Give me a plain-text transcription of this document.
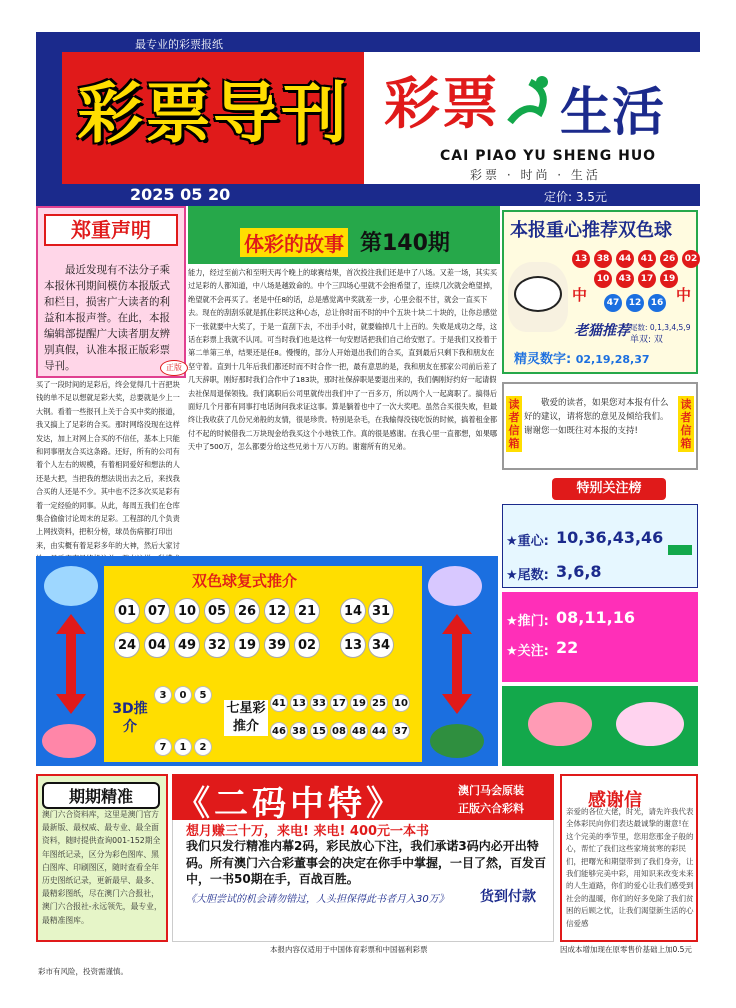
最专业的彩票报纸
彩票导刊 彩票 生活
CAI PIAO YU SHENG HUO
彩票 · 时尚 · 生活
2025 05 20	定价: 3.5元
郑重声明
最近发现有不法分子乘本报休刊期间模仿本报版式和栏目，损害广大读者的利益和本报声誉。在此，本报编辑部提醒广大读者朋友辨别真假，认准本报正版彩票导刊。	正版
体彩的故事 第140期
能力，经过至前六和至明天再个晚上的球赛结果，首次投注我们还是中了八场。又差一场，其实买过足彩的人都知道，中八场是越致命的。中个三四场心里就不会抱希望了，连续几次就会绝望掉，绝望就不会再买了。老是中任8的话，总是感觉离中奖就差一步，心里会很不甘，就会一直买下去。现在的刮刮乐就是抓住彩民这种心态，总让你时而不时的中个五块十块二十块的，让你总感觉下一张就要中大奖了，于是一直刮下去，不出手小时，就要输掉几十上百的。失败是成功之母，这话在彩票上我就不认同。可当时我们也是这样一句安慰话把我们自己给安慰了。于是我们又投着于第二单第三单，结果还是任8。慢慢的，部分人开始退出我们的合买，直到最后只剩下我和朋友在坚守着。直到十几年后我们都还时而不时合作一把，最有意思的是，我和朋友在那家公司前后差了几天辞职，刚好那时我们合作中了183块，那时社保辞职是要退出来的，我们俩刚好约好一起请假去社保局退保领钱。我们离职后公司里就传出我们中了一百多万，所以两个人一起离职了。搞得后面好几个月都有同事打电话询问我求证这事。算是躺着也中了一次大奖吧。虽然合买很失败，但最终让我收获了几份兄弟般的友情，很是珍贵。特别是杂毛，在我输得没钱吃饭的时候，搞着租金都付不起的时候借我二万块现金给我买这个小地铁工作。真的很是感谢。在我心里一直都想，如果哪天中了500万，怎么都要分给这些兄弟十万八万的。谢谢所有的兄弟。
买了一段时间的足彩后，终会觉得几十百把块钱的单不足以想就足彩大奖，总要就是少上一大钢。看着一些报刊上关于合买中奖的报道，我又搞上了足彩的合买。那时网络没现在这样发达，加上对网上合买的不信任，基本上只能和同事朋友合买这条路。还好，所有的公司有着个人左右的规模，有着相同爱好和想法的人还是大把，当把我的想法说出去之后，来找我合买的人还是不少。其中也不泛多次买足彩有着一定经验的同事。从此，每周五我们在仓库集合偷偷讨论周末的足彩。工程部的几个负责上网找资料，把积分榜，球员伤病都打印出来，由实概有着足彩多年的大神，然后大家讨
本报重心推荐双色球
13	38	44	41	26	02
10	43	17	19
47	12	16
中	中
老猫推荐 尾数: 0,1,3,4,5,9
单双: 双
精灵数字: 02,19,28,37
读者信箱
读者信箱
敬爱的读者，如果您对本报有什么好的建议，请将您的意见及倾给我们。谢谢您一如既往对本报的支持!
特别关注榜
★重心: 10,36,43,46
★尾数: 3,6,8
★推门: 08,11,16
★关注: 22
双色球复式推介
01 07 10 05 26 12 21	14 31
24 04 49 32 19 39 02	13 34
3	0	5
7	1	2
41 13 33 17 19 25 10
46 38 15 08 48 44 37
3D推介
七星彩推介
期期精准
澳门六合资料库，这里是澳门官方最新版、最权威、最专业、最全面资料，随时提供查询001-152期全年图纸记录，区分为彩色图库、黑白图库、印刷图区，随时查看全年历史图纸记录，更新最早、最多、最精彩图纸，尽在澳门六合报社，澳门六合报社-永远领先，最专业，最精准图库。
《二码中特》	澳门马会原装
正版六合彩料
想月赚三十万，来电! 来电! 400元一本书
我们只发行精准内幕2码，彩民放心下注，我们承诺3码内必开出特码。所有澳门六合彩董事会的决定在你手中掌握，一目了然，百发百中，一书50期在手，百战百胜。
《大胆尝试的机会请勿错过，人头担保得此书者月入30万》 货到付款
感谢信
亲爱的各位大佬，时光，请先许我代表全体彩民向你们表达最诚挚的谢意!在这个完美的季节里，您用您那金子般的心，帮忙了我们这些家境贫寒的彩民们，把曙光和期望带到了我们身旁，让我们能够完美中彩，用知识来改变未来的人生道路，你们的爱心让我们感受到社会的温暖，你们的好多免除了我们贫困的后顾之忧，让我们渴望新生活的心信爱感
本报内容仅适用于中国体育彩票和中国福利彩票	因成本增加现在原零售价基础上加0.5元
彩市有风险，投资需谨慎。
